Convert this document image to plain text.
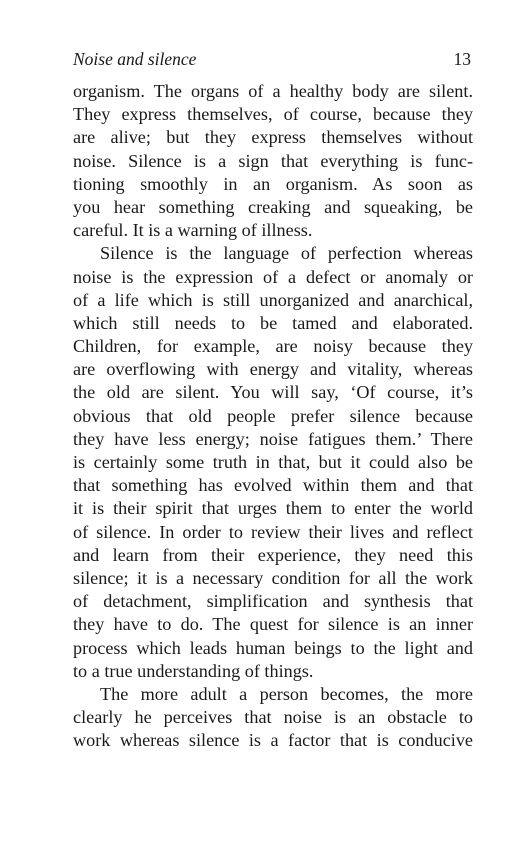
Noise and silence	13
organism. The organs of a healthy body are silent.
They express themselves, of course, because they
are alive; but they express themselves without
noise. Silence is a sign that everything is func-
tioning smoothly in an organism. As soon as
you hear something creaking and squeaking, be
careful. It is a warning of illness.
Silence is the language of perfection whereas
noise is the expression of a defect or anomaly or
of a life which is still unorganized and anarchical,
which still needs to be tamed and elaborated.
Children, for example, are noisy because they
are overflowing with energy and vitality, whereas
the old are silent. You will say, ‘Of course, it’s
obvious that old people prefer silence because
they have less energy; noise fatigues them.’ There
is certainly some truth in that, but it could also be
that something has evolved within them and that
it is their spirit that urges them to enter the world
of silence. In order to review their lives and reflect
and learn from their experience, they need this
silence; it is a necessary condition for all the work
of detachment, simplification and synthesis that
they have to do. The quest for silence is an inner
process which leads human beings to the light and
to a true understanding of things.
The more adult a person becomes, the more
clearly he perceives that noise is an obstacle to
work whereas silence is a factor that is conducive
